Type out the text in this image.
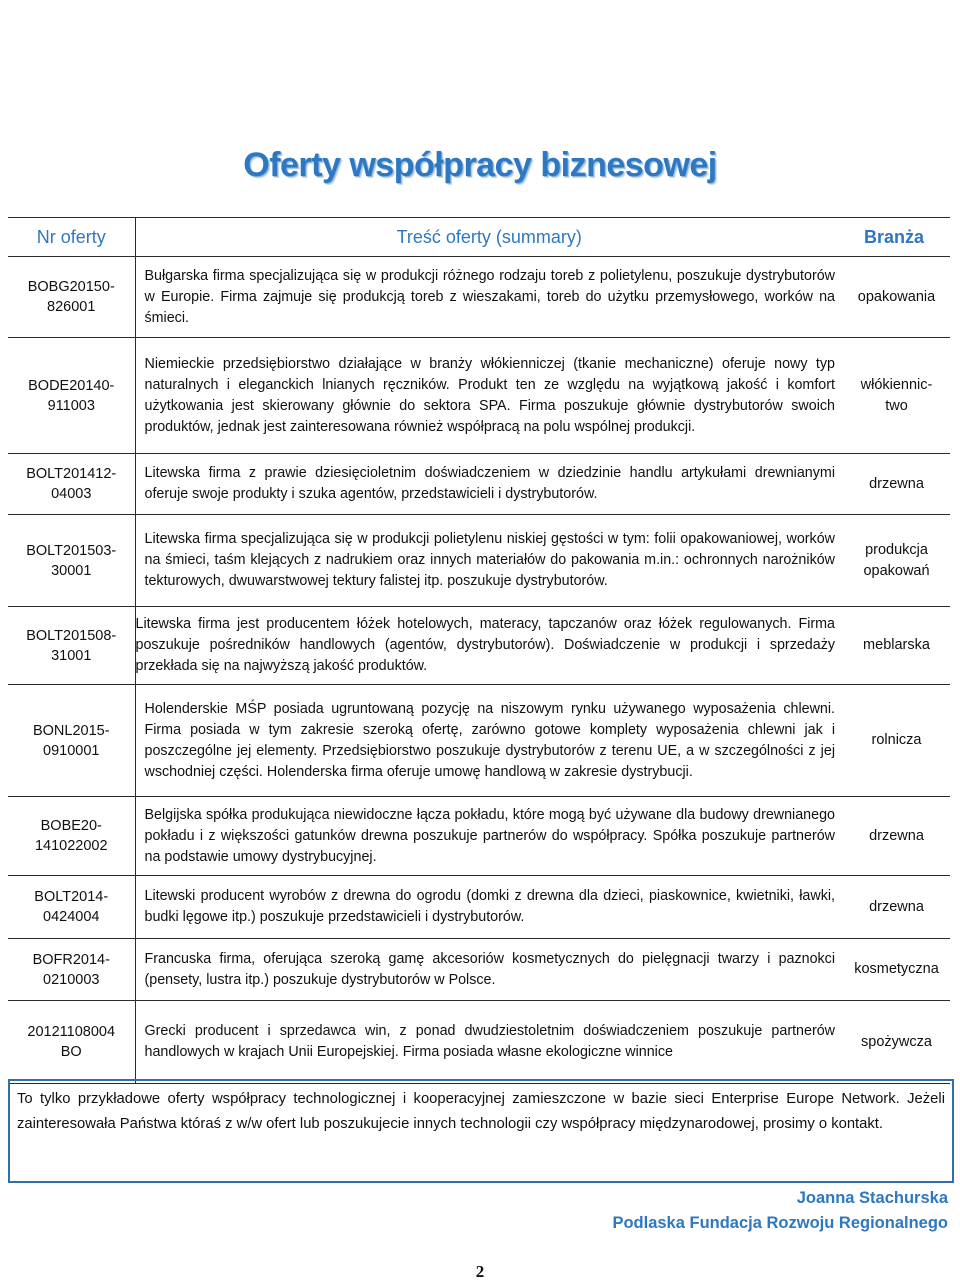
Oferty współpracy biznesowej
Nr oferty	Treść oferty (summary)	Branża

BOBG20150-
826001	Bułgarska firma specjalizująca się w produkcji różnego rodzaju toreb z polietylenu, poszukuje dystrybutorów w Europie. Firma zajmuje się produkcją toreb z wieszakami, toreb do użytku przemysłowego, worków na śmieci.	opakowania

BODE20140-
911003	Niemieckie przedsiębiorstwo działające w branży włókienniczej (tkanie mechaniczne) oferuje nowy typ naturalnych i eleganckich lnianych ręczników. Produkt ten ze względu na wyjątkową jakość i komfort użytkowania jest skierowany głównie do sektora SPA. Firma poszukuje głównie dystrybutorów swoich produktów, jednak jest zainteresowana również współpracą na polu wspólnej produkcji.	włókiennic-
two

BOLT201412-
04003	Litewska firma z prawie dziesięcioletnim doświadczeniem w dziedzinie handlu artykułami drewnianymi oferuje swoje produkty i szuka agentów, przedstawicieli i dystrybutorów.	drzewna

BOLT201503-
30001	Litewska firma specjalizująca się w produkcji polietylenu niskiej gęstości w tym: folii opakowaniowej, worków na śmieci, taśm klejących z nadrukiem oraz innych materiałów do pakowania m.in.: ochronnych narożników tekturowych, dwuwarstwowej tektury falistej itp. poszukuje dystrybutorów.	produkcja
opakowań

BOLT201508-
31001	Litewska firma jest producentem łóżek hotelowych, materacy, tapczanów oraz łóżek regulowanych. Firma poszukuje pośredników handlowych (agentów, dystrybutorów). Doświadczenie w produkcji i sprzedaży przekłada się na najwyższą jakość produktów.	meblarska

BONL2015-
0910001	Holenderskie MŚP posiada ugruntowaną pozycję na niszowym rynku używanego wyposażenia chlewni. Firma posiada w tym zakresie szeroką ofertę, zarówno gotowe komplety wyposażenia chlewni jak i poszczególne jej elementy. Przedsiębiorstwo poszukuje dystrybutorów z terenu UE, a w szczególności z jej wschodniej części. Holenderska firma oferuje umowę handlową w zakresie dystrybucji.	rolnicza

BOBE20-
141022002	Belgijska spółka produkująca niewidoczne łącza pokładu, które mogą być używane dla budowy drewnianego pokładu i z większości gatunków drewna poszukuje partnerów do współpracy. Spółka poszukuje partnerów na podstawie umowy dystrybucyjnej.	drzewna

BOLT2014-
0424004	Litewski producent wyrobów z drewna do ogrodu (domki z drewna dla dzieci, piaskownice, kwietniki, ławki, budki lęgowe itp.) poszukuje przedstawicieli i dystrybutorów.	drzewna

BOFR2014-
0210003	Francuska firma, oferująca szeroką gamę akcesoriów kosmetycznych do pielęgnacji twarzy i paznokci (pensety, lustra itp.) poszukuje dystrybutorów w Polsce.	kosmetyczna

20121108004
BO	Grecki producent i sprzedawca win, z ponad dwudziestoletnim doświadczeniem poszukuje partnerów handlowych w krajach Unii Europejskiej. Firma posiada własne ekologiczne winnice	spożywcza
To tylko przykładowe oferty współpracy technologicznej i kooperacyjnej zamieszczone w bazie sieci Enterprise Europe Network. Jeżeli zainteresowała Państwa któraś z w/w ofert lub poszukujecie innych technologii czy współpracy międzynarodowej, prosimy o kontakt.
Joanna Stachurska
Podlaska Fundacja Rozwoju Regionalnego
2
